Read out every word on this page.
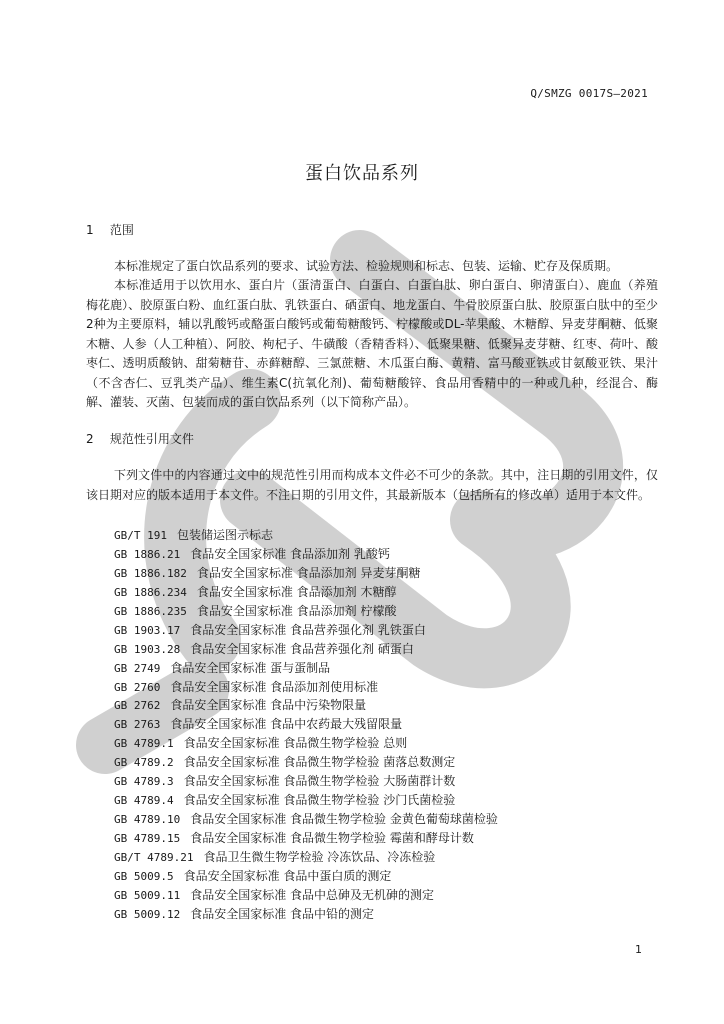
Q/SMZG 0017S—2021
蛋白饮品系列
1 范围

本标准规定了蛋白饮品系列的要求、试验方法、检验规则和标志、包装、运输、贮存及保质期。

本标准适用于以饮用水、蛋白片（蛋清蛋白、白蛋白、白蛋白肽、卵白蛋白、卵清蛋白）、鹿血（养殖梅花鹿）、胶原蛋白粉、血红蛋白肽、乳铁蛋白、硒蛋白、地龙蛋白、牛骨胶原蛋白肽、胶原蛋白肽中的至少2种为主要原料，辅以乳酸钙或酪蛋白酸钙或葡萄糖酸钙、柠檬酸或DL-苹果酸、木糖醇、异麦芽酮糖、低聚木糖、人参（人工种植）、阿胶、枸杞子、牛磺酸（香精香料）、低聚果糖、低聚异麦芽糖、红枣、荷叶、酸枣仁、透明质酸钠、甜菊糖苷、赤藓糖醇、三氯蔗糖、木瓜蛋白酶、黄精、富马酸亚铁或甘氨酸亚铁、果汁（不含杏仁、豆乳类产品）、维生素C(抗氧化剂)、葡萄糖酸锌、食品用香精中的一种或几种，经混合、酶解、灌装、灭菌、包装而成的蛋白饮品系列（以下简称产品）。

2 规范性引用文件

下列文件中的内容通过文中的规范性引用而构成本文件必不可少的条款。其中，注日期的引用文件，仅该日期对应的版本适用于本文件。不注日期的引用文件，其最新版本（包括所有的修改单）适用于本文件。

GB/T 191 包装储运图示标志
GB 1886.21 食品安全国家标准 食品添加剂 乳酸钙
GB 1886.182 食品安全国家标准 食品添加剂 异麦芽酮糖
GB 1886.234 食品安全国家标准 食品添加剂 木糖醇
GB 1886.235 食品安全国家标准 食品添加剂 柠檬酸
GB 1903.17 食品安全国家标准 食品营养强化剂 乳铁蛋白
GB 1903.28 食品安全国家标准 食品营养强化剂 硒蛋白
GB 2749 食品安全国家标准 蛋与蛋制品
GB 2760 食品安全国家标准 食品添加剂使用标准
GB 2762 食品安全国家标准 食品中污染物限量
GB 2763 食品安全国家标准 食品中农药最大残留限量
GB 4789.1 食品安全国家标准 食品微生物学检验 总则
GB 4789.2 食品安全国家标准 食品微生物学检验 菌落总数测定
GB 4789.3 食品安全国家标准 食品微生物学检验 大肠菌群计数
GB 4789.4 食品安全国家标准 食品微生物学检验 沙门氏菌检验
GB 4789.10 食品安全国家标准 食品微生物学检验 金黄色葡萄球菌检验
GB 4789.15 食品安全国家标准 食品微生物学检验 霉菌和酵母计数
GB/T 4789.21 食品卫生微生物学检验 冷冻饮品、冷冻检验
GB 5009.5 食品安全国家标准 食品中蛋白质的测定
GB 5009.11 食品安全国家标准 食品中总砷及无机砷的测定
GB 5009.12 食品安全国家标准 食品中铅的测定
1
